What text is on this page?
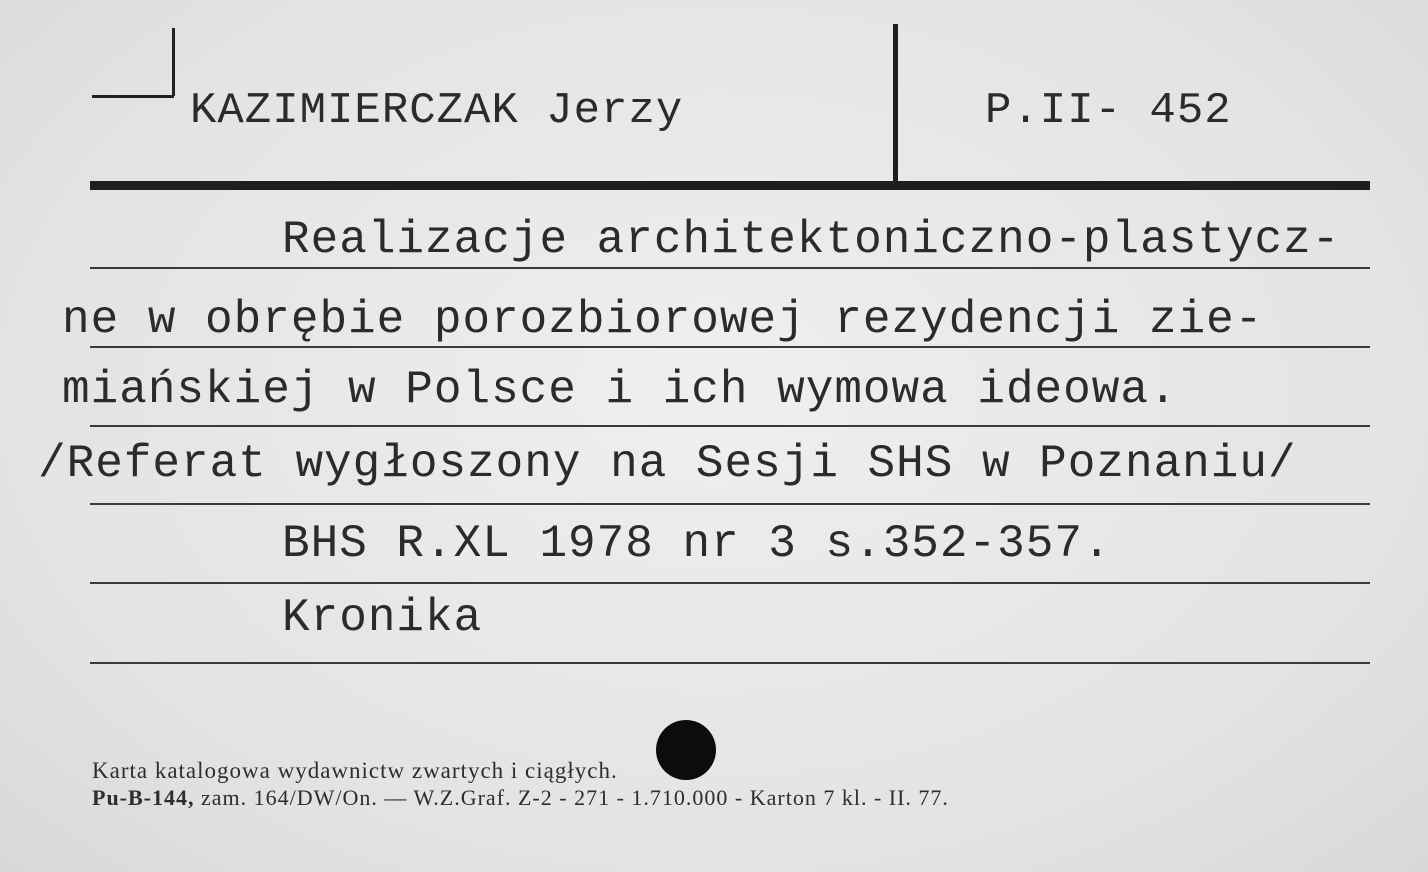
KAZIMIERCZAK Jerzy	P.II- 452
Realizacje architektoniczno-plastycz-
ne w obrębie porozbiorowej rezydencji zie-
miańskiej w Polsce i ich wymowa ideowa.
/Referat wygłoszony na Sesji SHS w Poznaniu/
BHS R.XL 1978 nr 3 s.352-357.
Kronika
Karta katalogowa wydawnictw zwartych i ciągłych.
Pu-B-144, zam. 164/DW/On. — W.Z.Graf. Z-2 - 271 - 1.710.000 - Karton 7 kl. - II. 77.
